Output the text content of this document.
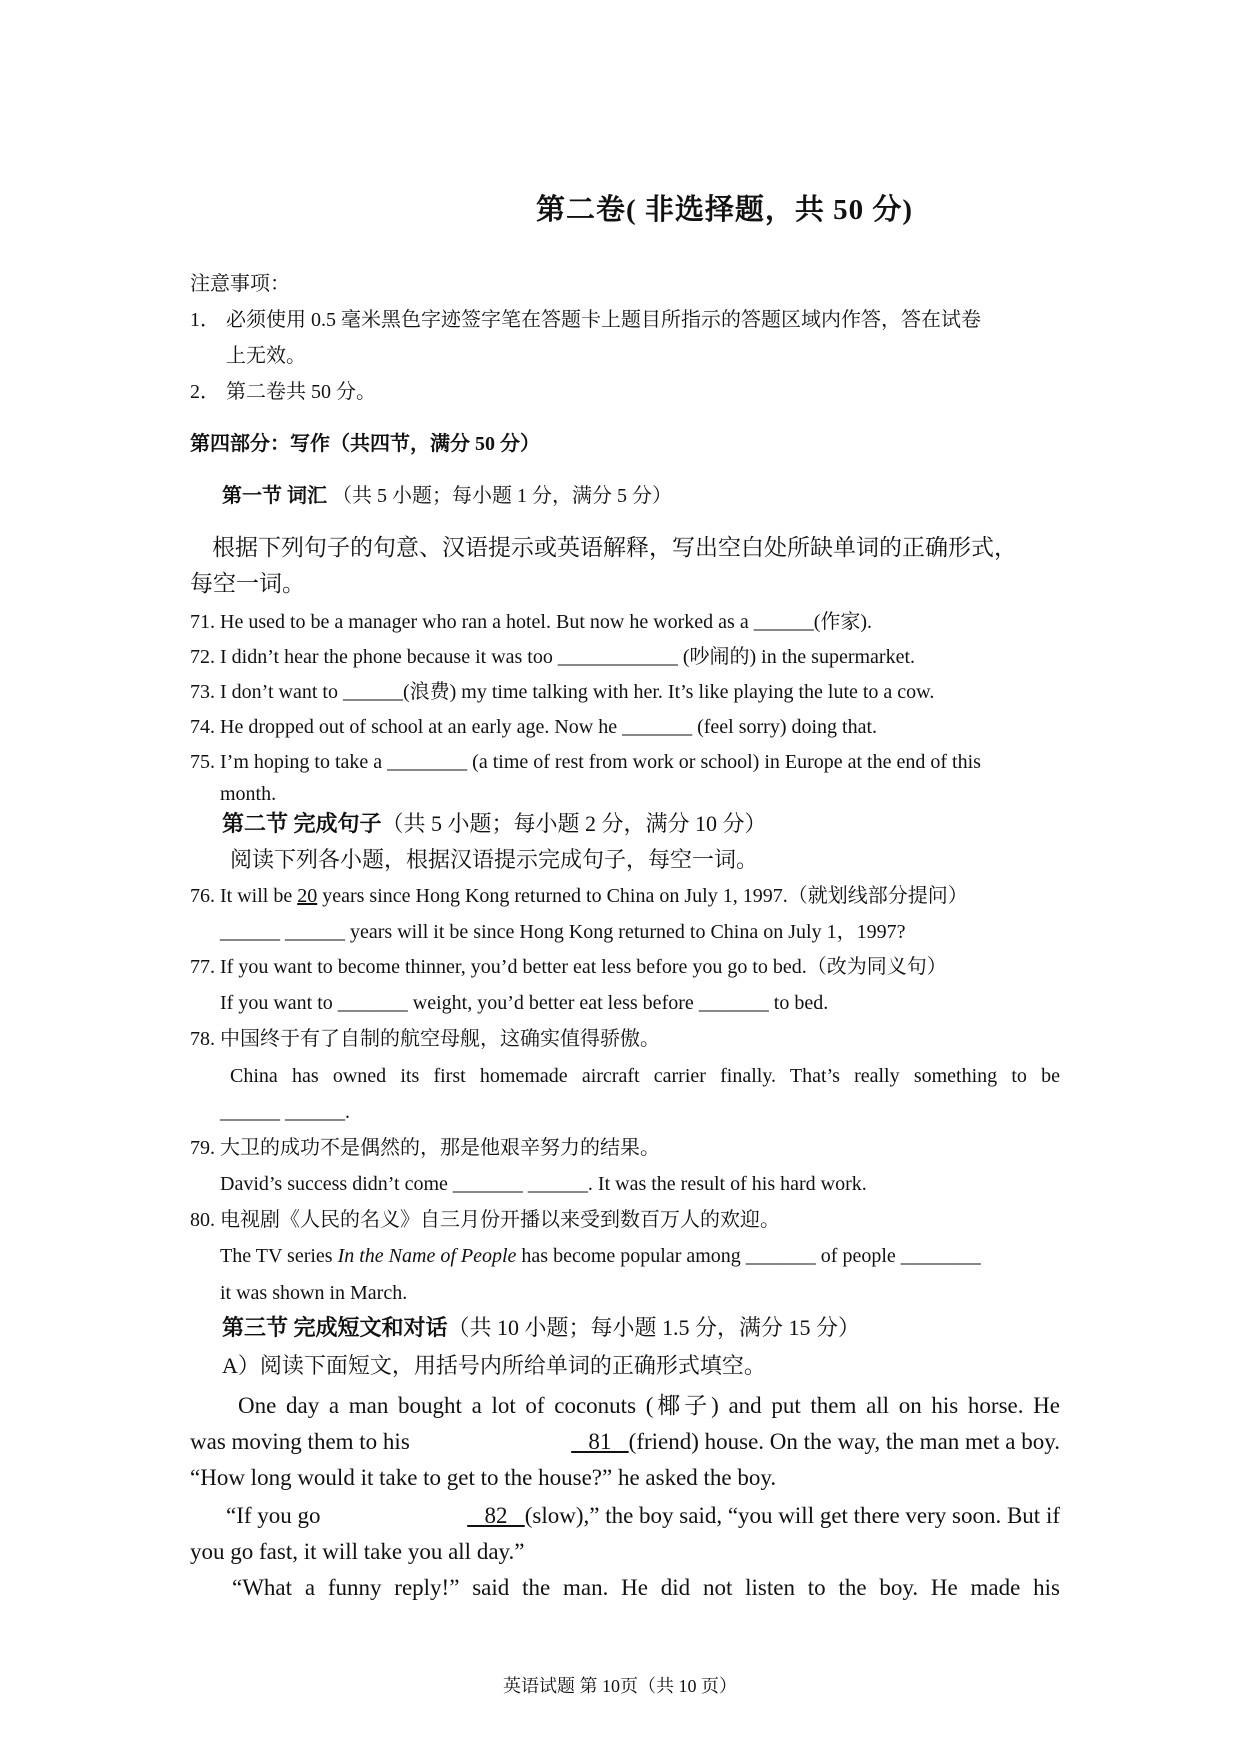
第二卷( 非选择题，共 50 分)
注意事项：
1． 必须使用 0.5 毫米黑色字迹签字笔在答题卡上题目所指示的答题区域内作答，答在试卷
上无效。
2． 第二卷共 50 分。
第四部分：写作（共四节，满分 50 分）
第一节 词汇 （共 5 小题；每小题 1 分，满分 5 分）
根据下列句子的句意、汉语提示或英语解释，写出空白处所缺单词的正确形式，
每空一词。
71. He used to be a manager who ran a hotel. But now he worked as a ______(作家).
72. I didn’t hear the phone because it was too ____________ (吵闹的) in the supermarket.
73. I don’t want to ______(浪费) my time talking with her. It’s like playing the lute to a cow.
74. He dropped out of school at an early age. Now he _______ (feel sorry) doing that.
75. I’m hoping to take a ________ (a time of rest from work or school) in Europe at the end of this
month.
第二节 完成句子（共 5 小题；每小题 2 分，满分 10 分）
阅读下列各小题，根据汉语提示完成句子，每空一词。
76. It will be 20 years since Hong Kong returned to China on July 1, 1997.（就划线部分提问）
______ ______ years will it be since Hong Kong returned to China on July 1，1997?
77. If you want to become thinner, you’d better eat less before you go to bed.（改为同义句）
If you want to _______ weight, you’d better eat less before _______ to bed.
78. 中国终于有了自制的航空母舰，这确实值得骄傲。
China has owned its first homemade aircraft carrier finally. That’s really something to be
______ ______.
79. 大卫的成功不是偶然的，那是他艰辛努力的结果。
David’s success didn’t come _______ ______. It was the result of his hard work.
80. 电视剧《人民的名义》自三月份开播以来受到数百万人的欢迎。
The TV series In the Name of People has become popular among _______ of people ________
it was shown in March.
第三节 完成短文和对话（共 10 小题；每小题 1.5 分，满分 15 分）
A）阅读下面短文，用括号内所给单词的正确形式填空。
One day a man bought a lot of coconuts (椰子) and put them all on his horse. He
was moving them to his	81   (friend) house. On the way, the man met a boy.
“How long would it take to get to the house?” he asked the boy.
“If you go	82   (slow),” the boy said, “you will get there very soon. But if
you go fast, it will take you all day.”
“What a funny reply!” said the man. He did not listen to the boy. He made his
英语试题 第 10页（共 10 页）
